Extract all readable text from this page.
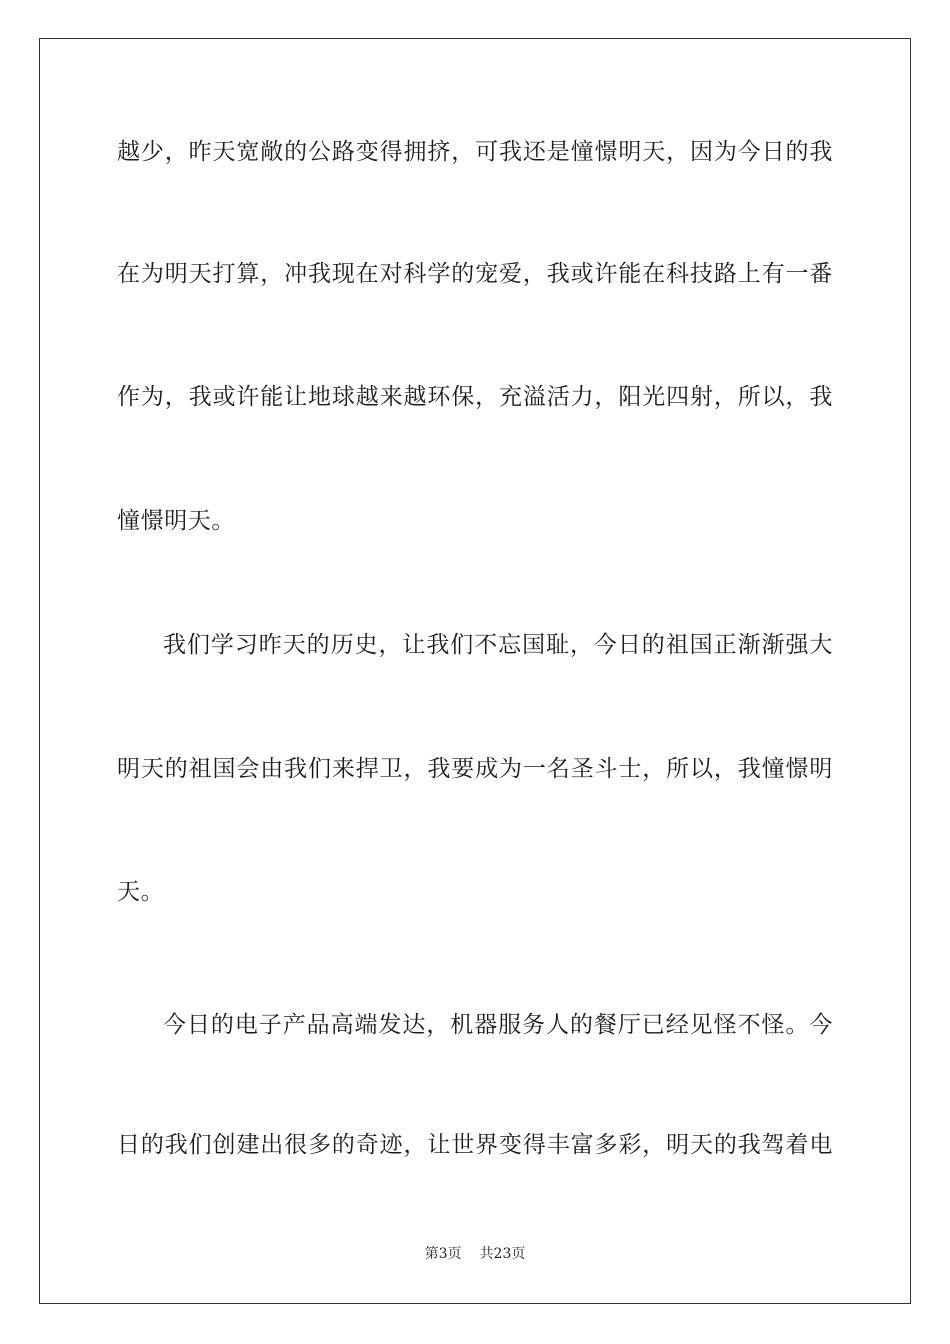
越少，昨天宽敞的公路变得拥挤，可我还是憧憬明天，因为今日的我
在为明天打算，冲我现在对科学的宠爱，我或许能在科技路上有一番
作为，我或许能让地球越来越环保，充溢活力，阳光四射，所以，我
憧憬明天。
我们学习昨天的历史，让我们不忘国耻，今日的祖国正渐渐强大
明天的祖国会由我们来捍卫，我要成为一名圣斗士，所以，我憧憬明
天。
今日的电子产品高端发达，机器服务人的餐厅已经见怪不怪。今
日的我们创建出很多的奇迹，让世界变得丰富多彩，明天的我驾着电
第3页 共23页
